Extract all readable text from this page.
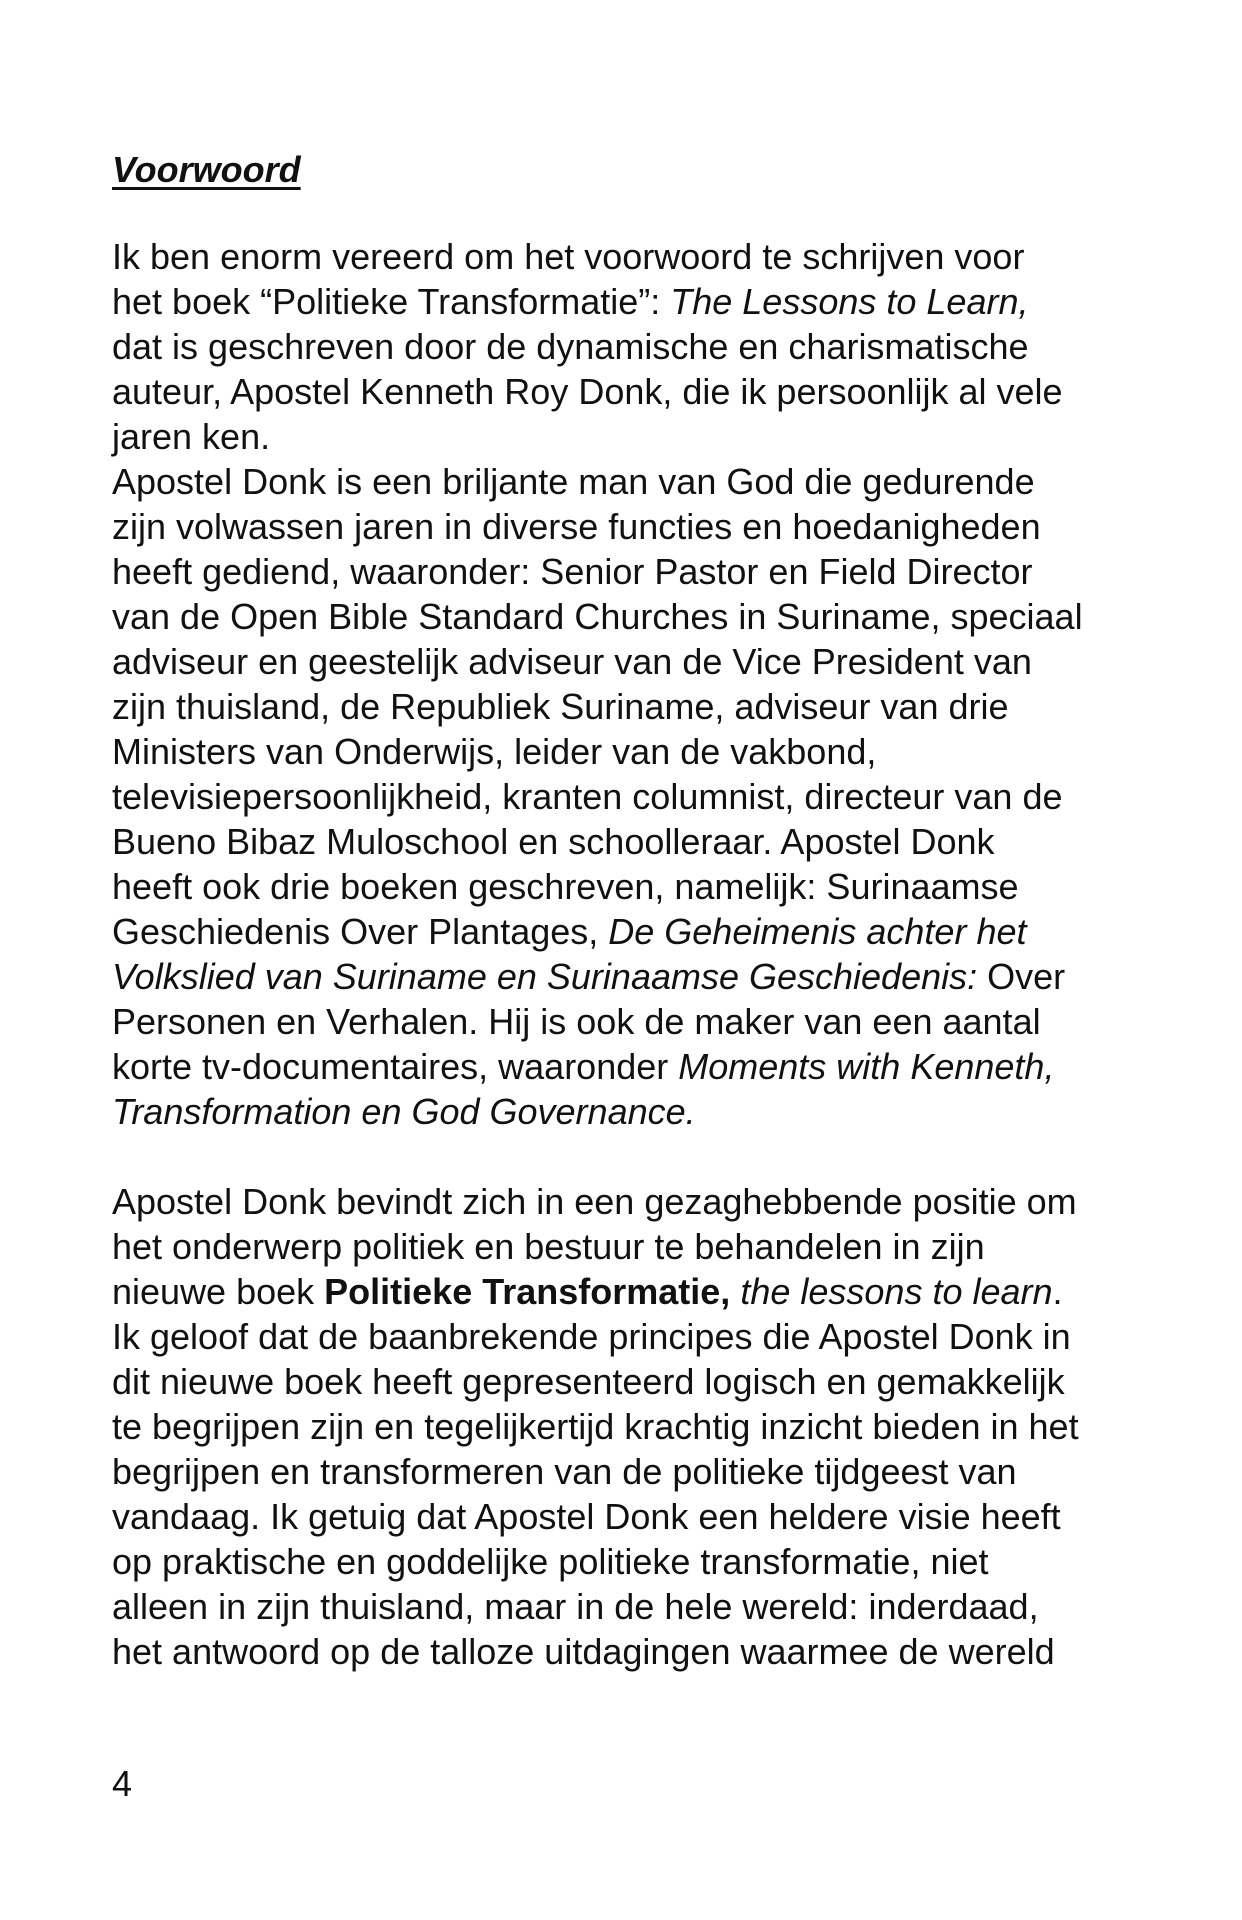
Voorwoord
Ik ben enorm vereerd om het voorwoord te schrijven voor
het boek “Politieke Transformatie”: The Lessons to Learn,
dat is geschreven door de dynamische en charismatische
auteur, Apostel Kenneth Roy Donk, die ik persoonlijk al vele
jaren ken.
Apostel Donk is een briljante man van God die gedurende
zijn volwassen jaren in diverse functies en hoedanigheden
heeft gediend, waaronder: Senior Pastor en Field Director
van de Open Bible Standard Churches in Suriname, speciaal
adviseur en geestelijk adviseur van de Vice President van
zijn thuisland, de Republiek Suriname, adviseur van drie
Ministers van Onderwijs, leider van de vakbond,
televisiepersoonlijkheid, kranten columnist, directeur van de
Bueno Bibaz Muloschool en schoolleraar. Apostel Donk
heeft ook drie boeken geschreven, namelijk: Surinaamse
Geschiedenis Over Plantages, De Geheimenis achter het
Volkslied van Suriname en Surinaamse Geschiedenis: Over
Personen en Verhalen. Hij is ook de maker van een aantal
korte tv-documentaires, waaronder Moments with Kenneth,
Transformation en God Governance.
Apostel Donk bevindt zich in een gezaghebbende positie om
het onderwerp politiek en bestuur te behandelen in zijn
nieuwe boek Politieke Transformatie, the lessons to learn.
Ik geloof dat de baanbrekende principes die Apostel Donk in
dit nieuwe boek heeft gepresenteerd logisch en gemakkelijk
te begrijpen zijn en tegelijkertijd krachtig inzicht bieden in het
begrijpen en transformeren van de politieke tijdgeest van
vandaag. Ik getuig dat Apostel Donk een heldere visie heeft
op praktische en goddelijke politieke transformatie, niet
alleen in zijn thuisland, maar in de hele wereld: inderdaad,
het antwoord op de talloze uitdagingen waarmee de wereld
4
